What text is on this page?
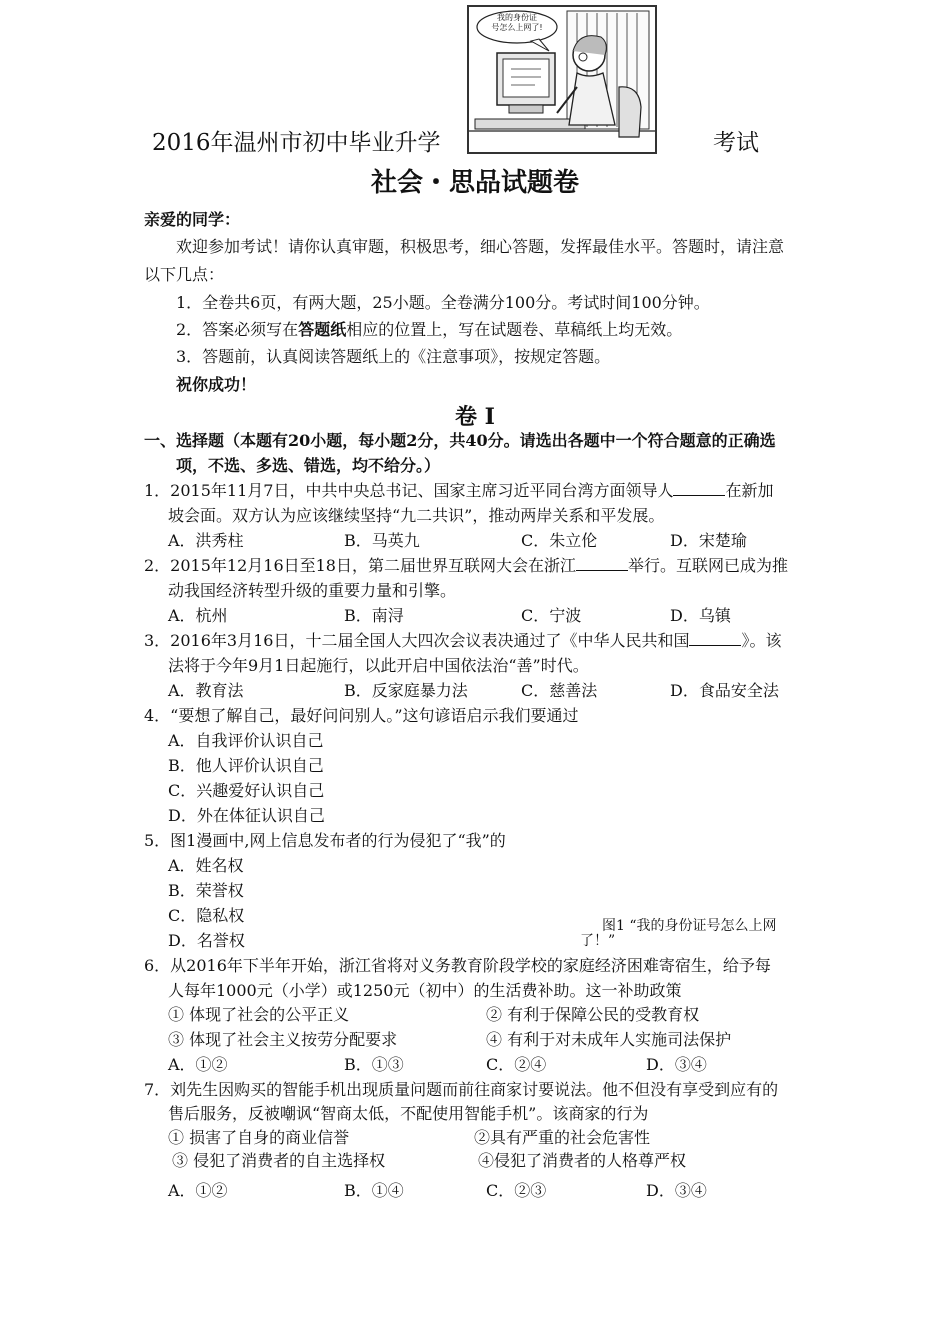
2016年温州市初中毕业升学
我的身份证
号怎么上网了!
考试
社会・思品试题卷
亲爱的同学：
欢迎参加考试！请你认真审题，积极思考，细心答题，发挥最佳水平。答题时，请注意
以下几点：
1．全卷共6页，有两大题，25小题。全卷满分100分。考试时间100分钟。
2．答案必须写在答题纸相应的位置上，写在试题卷、草稿纸上均无效。
3．答题前，认真阅读答题纸上的《注意事项》，按规定答题。
祝你成功！
卷 Ⅰ
一、选择题（本题有20小题，每小题2分，共40分。请选出各题中一个符合题意的正确选
项，不选、多选、错选，均不给分。）
1．2015年11月7日，中共中央总书记、国家主席习近平同台湾方面领导人	在新加
坡会面。双方认为应该继续坚持“九二共识”，推动两岸关系和平发展。
A．洪秀柱	B．马英九	C．朱立伦	D．宋楚瑜
2．2015年12月16日至18日，第二届世界互联网大会在浙江	举行。互联网已成为推
动我国经济转型升级的重要力量和引擎。
A．杭州	B．南浔	C．宁波	D．乌镇
3．2016年3月16日，十二届全国人大四次会议表决通过了《中华人民共和国	》。该
法将于今年9月1日起施行，以此开启中国依法治“善”时代。
A．教育法	B．反家庭暴力法	C．慈善法	D．食品安全法
4．“要想了解自己，最好问问别人。”这句谚语启示我们要通过
A．自我评价认识自己
B．他人评价认识自己
C．兴趣爱好认识自己
D．外在体征认识自己
5．图1漫画中,网上信息发布者的行为侵犯了“我”的
A．姓名权
B．荣誉权
C．隐私权
D．名誉权
图1 “我的身份证号怎么上网
了！”
6．从2016年下半年开始，浙江省将对义务教育阶段学校的家庭经济困难寄宿生，给予每
人每年1000元（小学）或1250元（初中）的生活费补助。这一补助政策
① 体现了社会的公平正义	② 有利于保障公民的受教育权
③ 体现了社会主义按劳分配要求	④ 有利于对未成年人实施司法保护
A．①②	B．①③	C．②④	D．③④
7．刘先生因购买的智能手机出现质量问题而前往商家讨要说法。他不但没有享受到应有的
售后服务，反被嘲讽“智商太低，不配使用智能手机”。该商家的行为
① 损害了自身的商业信誉	②具有严重的社会危害性
③ 侵犯了消费者的自主选择权	④侵犯了消费者的人格尊严权
A．①②	B．①④	C．②③	D．③④
